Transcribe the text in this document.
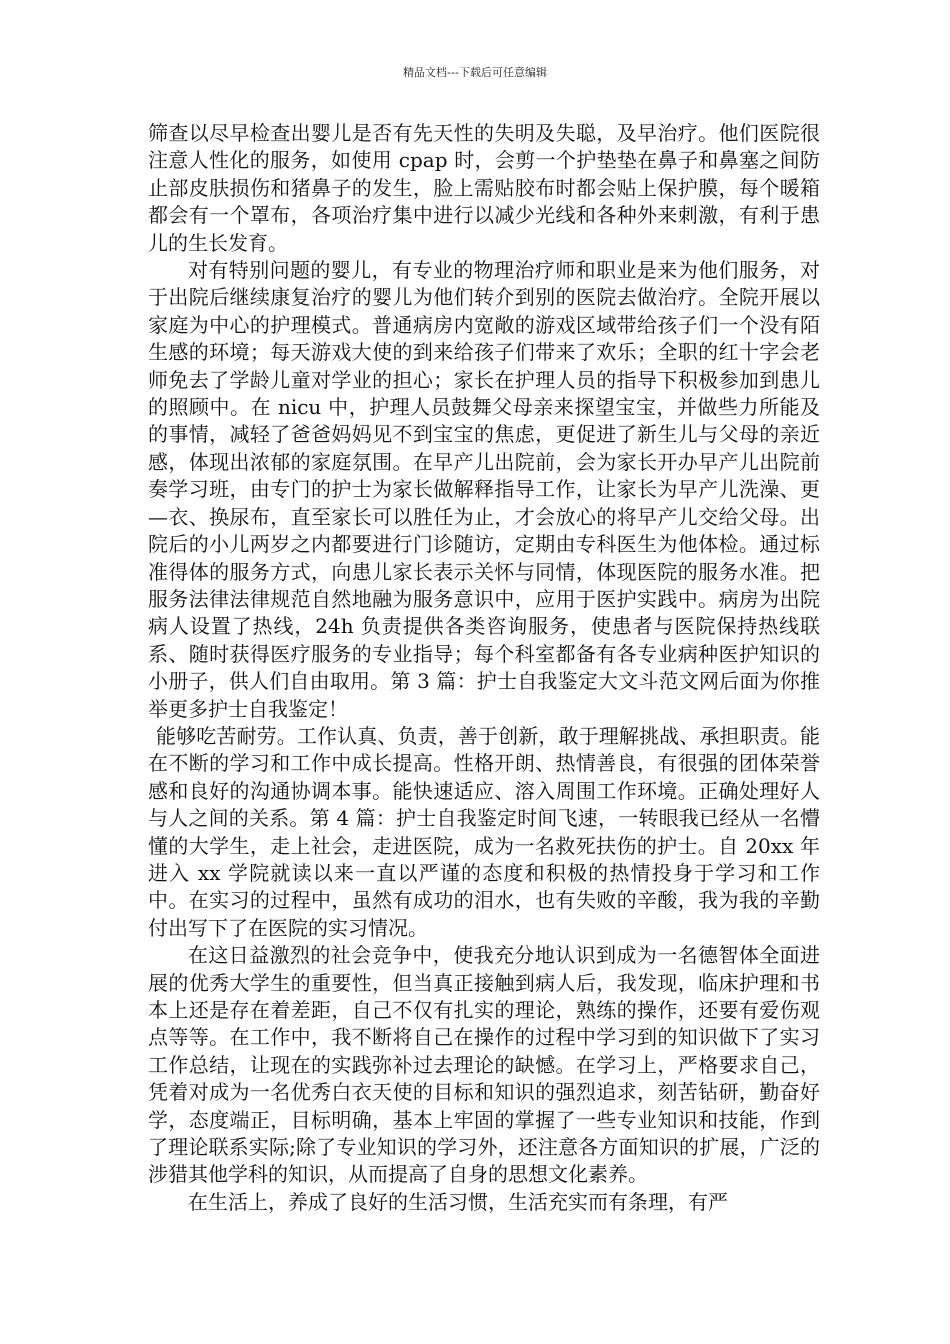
精品文档---下载后可任意编辑

筛查以尽早检查出婴儿是否有先天性的失明及失聪，及早治疗。他们医院很注意人性化的服务，如使用 cpap 时，会剪一个护垫垫在鼻子和鼻塞之间防止部皮肤损伤和猪鼻子的发生，脸上需贴胶布时都会贴上保护膜，每个暖箱都会有一个罩布，各项治疗集中进行以减少光线和各种外来刺激，有利于患儿的生长发育。

对有特别问题的婴儿，有专业的物理治疗师和职业是来为他们服务，对于出院后继续康复治疗的婴儿为他们转介到别的医院去做治疗。全院开展以家庭为中心的护理模式。普通病房内宽敞的游戏区域带给孩子们一个没有陌生感的环境；每天游戏大使的到来给孩子们带来了欢乐；全职的红十字会老师免去了学龄儿童对学业的担心；家长在护理人员的指导下积极参加到患儿的照顾中。在 nicu 中，护理人员鼓舞父母亲来探望宝宝，并做些力所能及的事情，减轻了爸爸妈妈见不到宝宝的焦虑，更促进了新生儿与父母的亲近感，体现出浓郁的家庭氛围。在早产儿出院前，会为家长开办早产儿出院前奏学习班，由专门的护士为家长做解释指导工作，让家长为早产儿洗澡、更—衣、换尿布，直至家长可以胜任为止，才会放心的将早产儿交给父母。出院后的小儿两岁之内都要进行门诊随访，定期由专科医生为他体检。通过标准得体的服务方式，向患儿家长表示关怀与同情，体现医院的服务水准。把服务法律法律规范自然地融为服务意识中，应用于医护实践中。病房为出院病人设置了热线，24h 负责提供各类咨询服务，使患者与医院保持热线联系、随时获得医疗服务的专业指导；每个科室都备有各专业病种医护知识的小册子，供人们自由取用。第 3 篇：护士自我鉴定大文斗范文网后面为你推举更多护士自我鉴定！

能够吃苦耐劳。工作认真、负责，善于创新，敢于理解挑战、承担职责。能在不断的学习和工作中成长提高。性格开朗、热情善良，有很强的团体荣誉感和良好的沟通协调本事。能快速适应、溶入周围工作环境。正确处理好人与人之间的关系。第 4 篇：护士自我鉴定时间飞速，一转眼我已经从一名懵懂的大学生，走上社会，走进医院，成为一名救死扶伤的护士。自 20xx 年进入 xx 学院就读以来一直以严谨的态度和积极的热情投身于学习和工作中。在实习的过程中，虽然有成功的泪水，也有失败的辛酸，我为我的辛勤付出写下了在医院的实习情况。

在这日益激烈的社会竞争中，使我充分地认识到成为一名德智体全面进展的优秀大学生的重要性，但当真正接触到病人后，我发现，临床护理和书本上还是存在着差距，自己不仅有扎实的理论，熟练的操作，还要有爱伤观点等等。在工作中，我不断将自己在操作的过程中学习到的知识做下了实习工作总结，让现在的实践弥补过去理论的缺憾。在学习上，严格要求自己，凭着对成为一名优秀白衣天使的目标和知识的强烈追求，刻苦钻研，勤奋好学，态度端正，目标明确，基本上牢固的掌握了一些专业知识和技能，作到了理论联系实际;除了专业知识的学习外，还注意各方面知识的扩展，广泛的涉猎其他学科的知识，从而提高了自身的思想文化素养。

在生活上，养成了良好的生活习惯，生活充实而有条理，有严
